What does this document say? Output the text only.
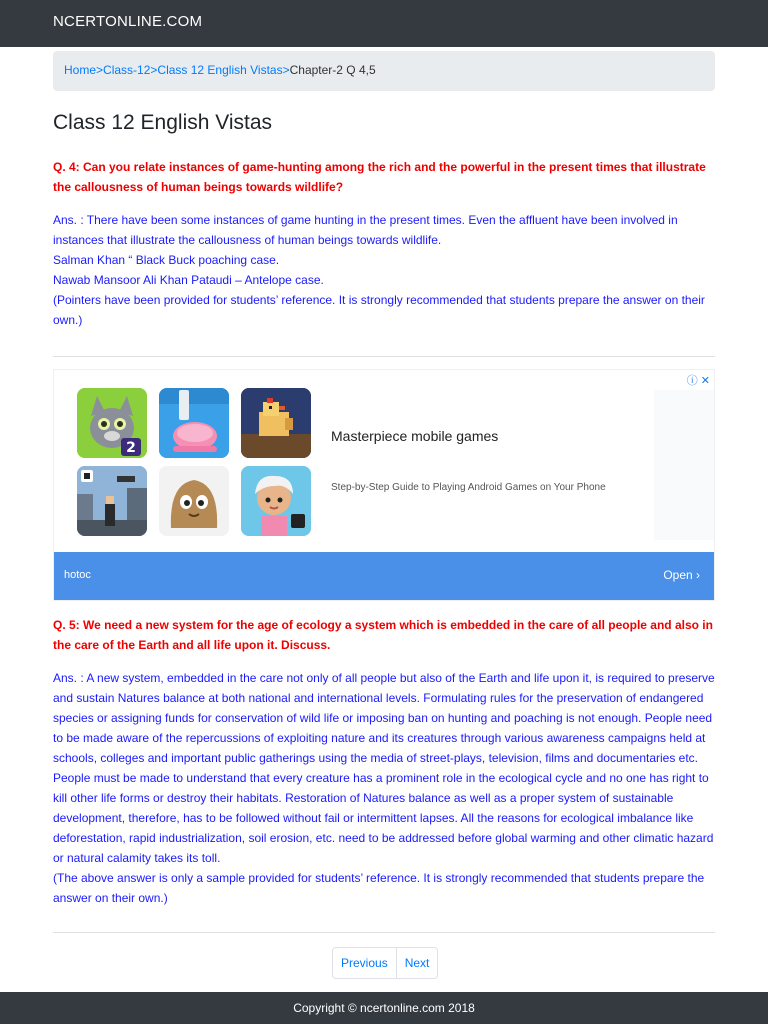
NCERTONLINE.COM
Home>Class-12>Class 12 English Vistas>Chapter-2 Q 4,5
Class 12 English Vistas
Q. 4: Can you relate instances of game-hunting among the rich and the powerful in the present times that illustrate the callousness of human beings towards wildlife?

Ans. : There have been some instances of game hunting in the present times. Even the affluent have been involved in instances that illustrate the callousness of human beings towards wildlife.

Salman Khan “ Black Buck poaching case.

Nawab Mansoor Ali Khan Pataudi – Antelope case.

(Pointers have been provided for students’ reference. It is strongly recommended that students prepare the answer on their own.)

ⓘ ✕
2
Masterpiece mobile games
Step-by-Step Guide to Playing Android Games on Your Phone
hotoc	Open ›
Q. 5: We need a new system for the age of ecology a system which is embedded in the care of all people and also in the care of the Earth and all life upon it. Discuss.

Ans. : A new system, embedded in the care not only of all people but also of the Earth and life upon it, is required to preserve and sustain Natures balance at both national and international levels. Formulating rules for the preservation of endangered species or assigning funds for conservation of wild life or imposing ban on hunting and poaching is not enough. People need to be made aware of the repercussions of exploiting nature and its creatures through various awareness campaigns held at schools, colleges and important public gatherings using the media of street-plays, television, films and documentaries etc. People must be made to understand that every creature has a prominent role in the ecological cycle and no one has right to kill other life forms or destroy their habitats. Restoration of Natures balance as well as a proper system of sustainable development, therefore, has to be followed without fail or intermittent lapses. All the reasons for ecological imbalance like deforestation, rapid industrialization, soil erosion, etc. need to be addressed before global warming and other climatic hazard or natural calamity takes its toll.

(The above answer is only a sample provided for students’ reference. It is strongly recommended that students prepare the answer on their own.)

Previous	Next
Copyright © ncertonline.com 2018
